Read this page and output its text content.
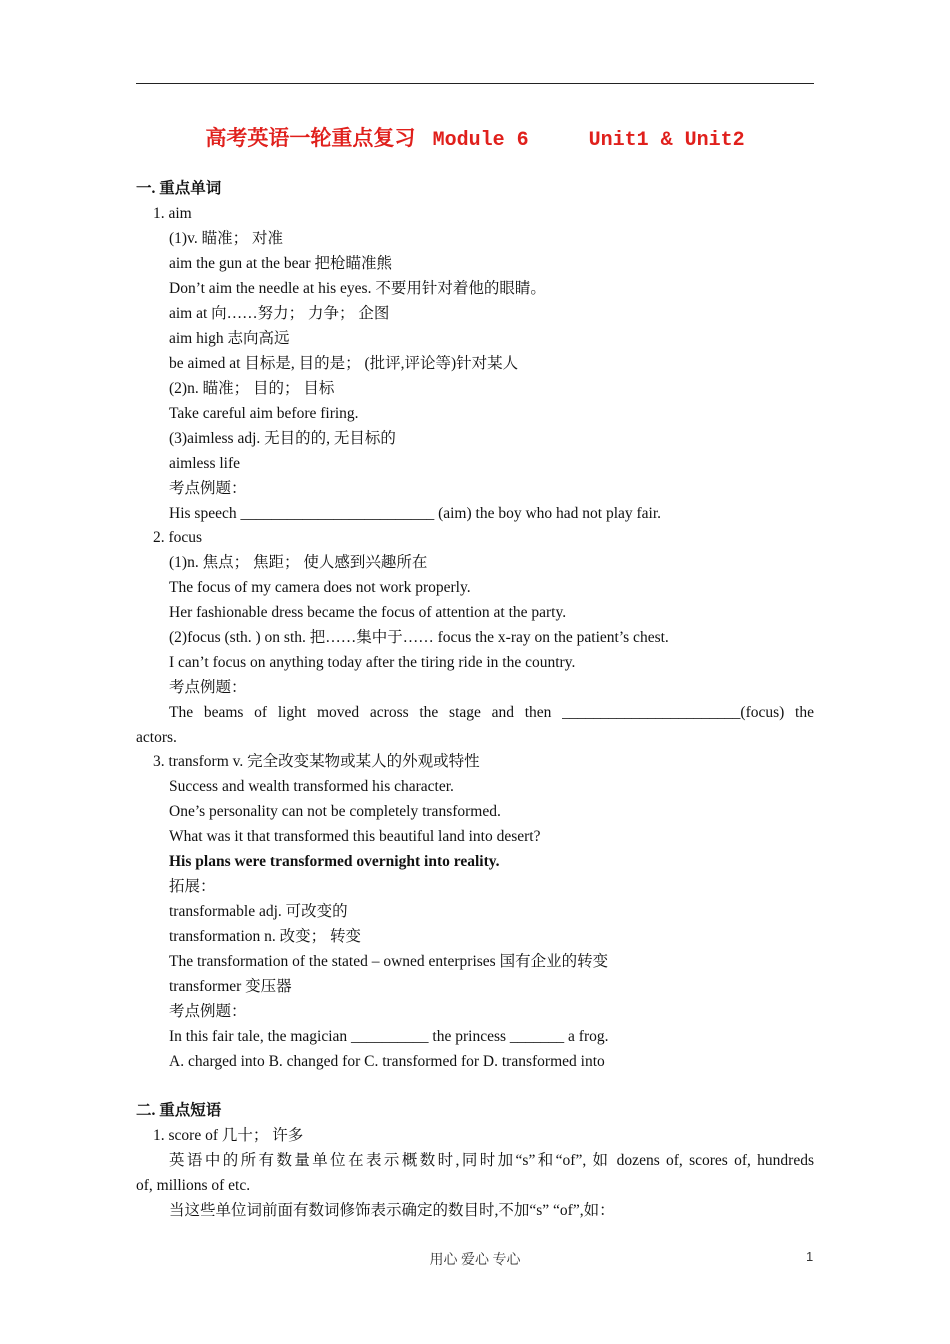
高考英语一轮重点复习  Module 6     Unit1 & Unit2
一. 重点单词
1. aim
(1)v. 瞄准； 对准
aim the gun at the bear 把枪瞄准熊
Don’t aim the needle at his eyes. 不要用针对着他的眼睛。
aim at 向……努力； 力争； 企图
aim high 志向高远
be aimed at 目标是, 目的是； (批评,评论等)针对某人
(2)n. 瞄准； 目的； 目标
Take careful aim before firing.
(3)aimless adj. 无目的的, 无目标的
aimless life
考点例题：
His speech _________________________ (aim) the boy who had not play fair.
2. focus
(1)n. 焦点； 焦距； 使人感到兴趣所在
The focus of my camera does not work properly.
Her fashionable dress became the focus of attention at the party.
(2)focus (sth. ) on sth. 把……集中于…… focus the x-ray on the patient’s chest.
I can’t focus on anything today after the tiring ride in the country.
考点例题：
The beams of light moved across the stage and then _______________________(focus) the
actors.
3. transform v. 完全改变某物或某人的外观或特性
Success and wealth transformed his character.
One’s personality can not be completely transformed.
What was it that transformed this beautiful land into desert?
His plans were transformed overnight into reality.
拓展：
transformable adj. 可改变的
transformation n. 改变； 转变
The transformation of the stated – owned enterprises 国有企业的转变
transformer 变压器
考点例题：
In this fair tale, the magician __________ the princess _______ a frog.
A. charged into B. changed for C. transformed for D. transformed into
二. 重点短语
1. score of 几十； 许多
英语中的所有数量单位在表示概数时,同时加“s”和“of”, 如 dozens of, scores of, hundreds
of, millions of etc.
当这些单位词前面有数词修饰表示确定的数目时,不加“s” “of”,如：
用心 爱心 专心	1
